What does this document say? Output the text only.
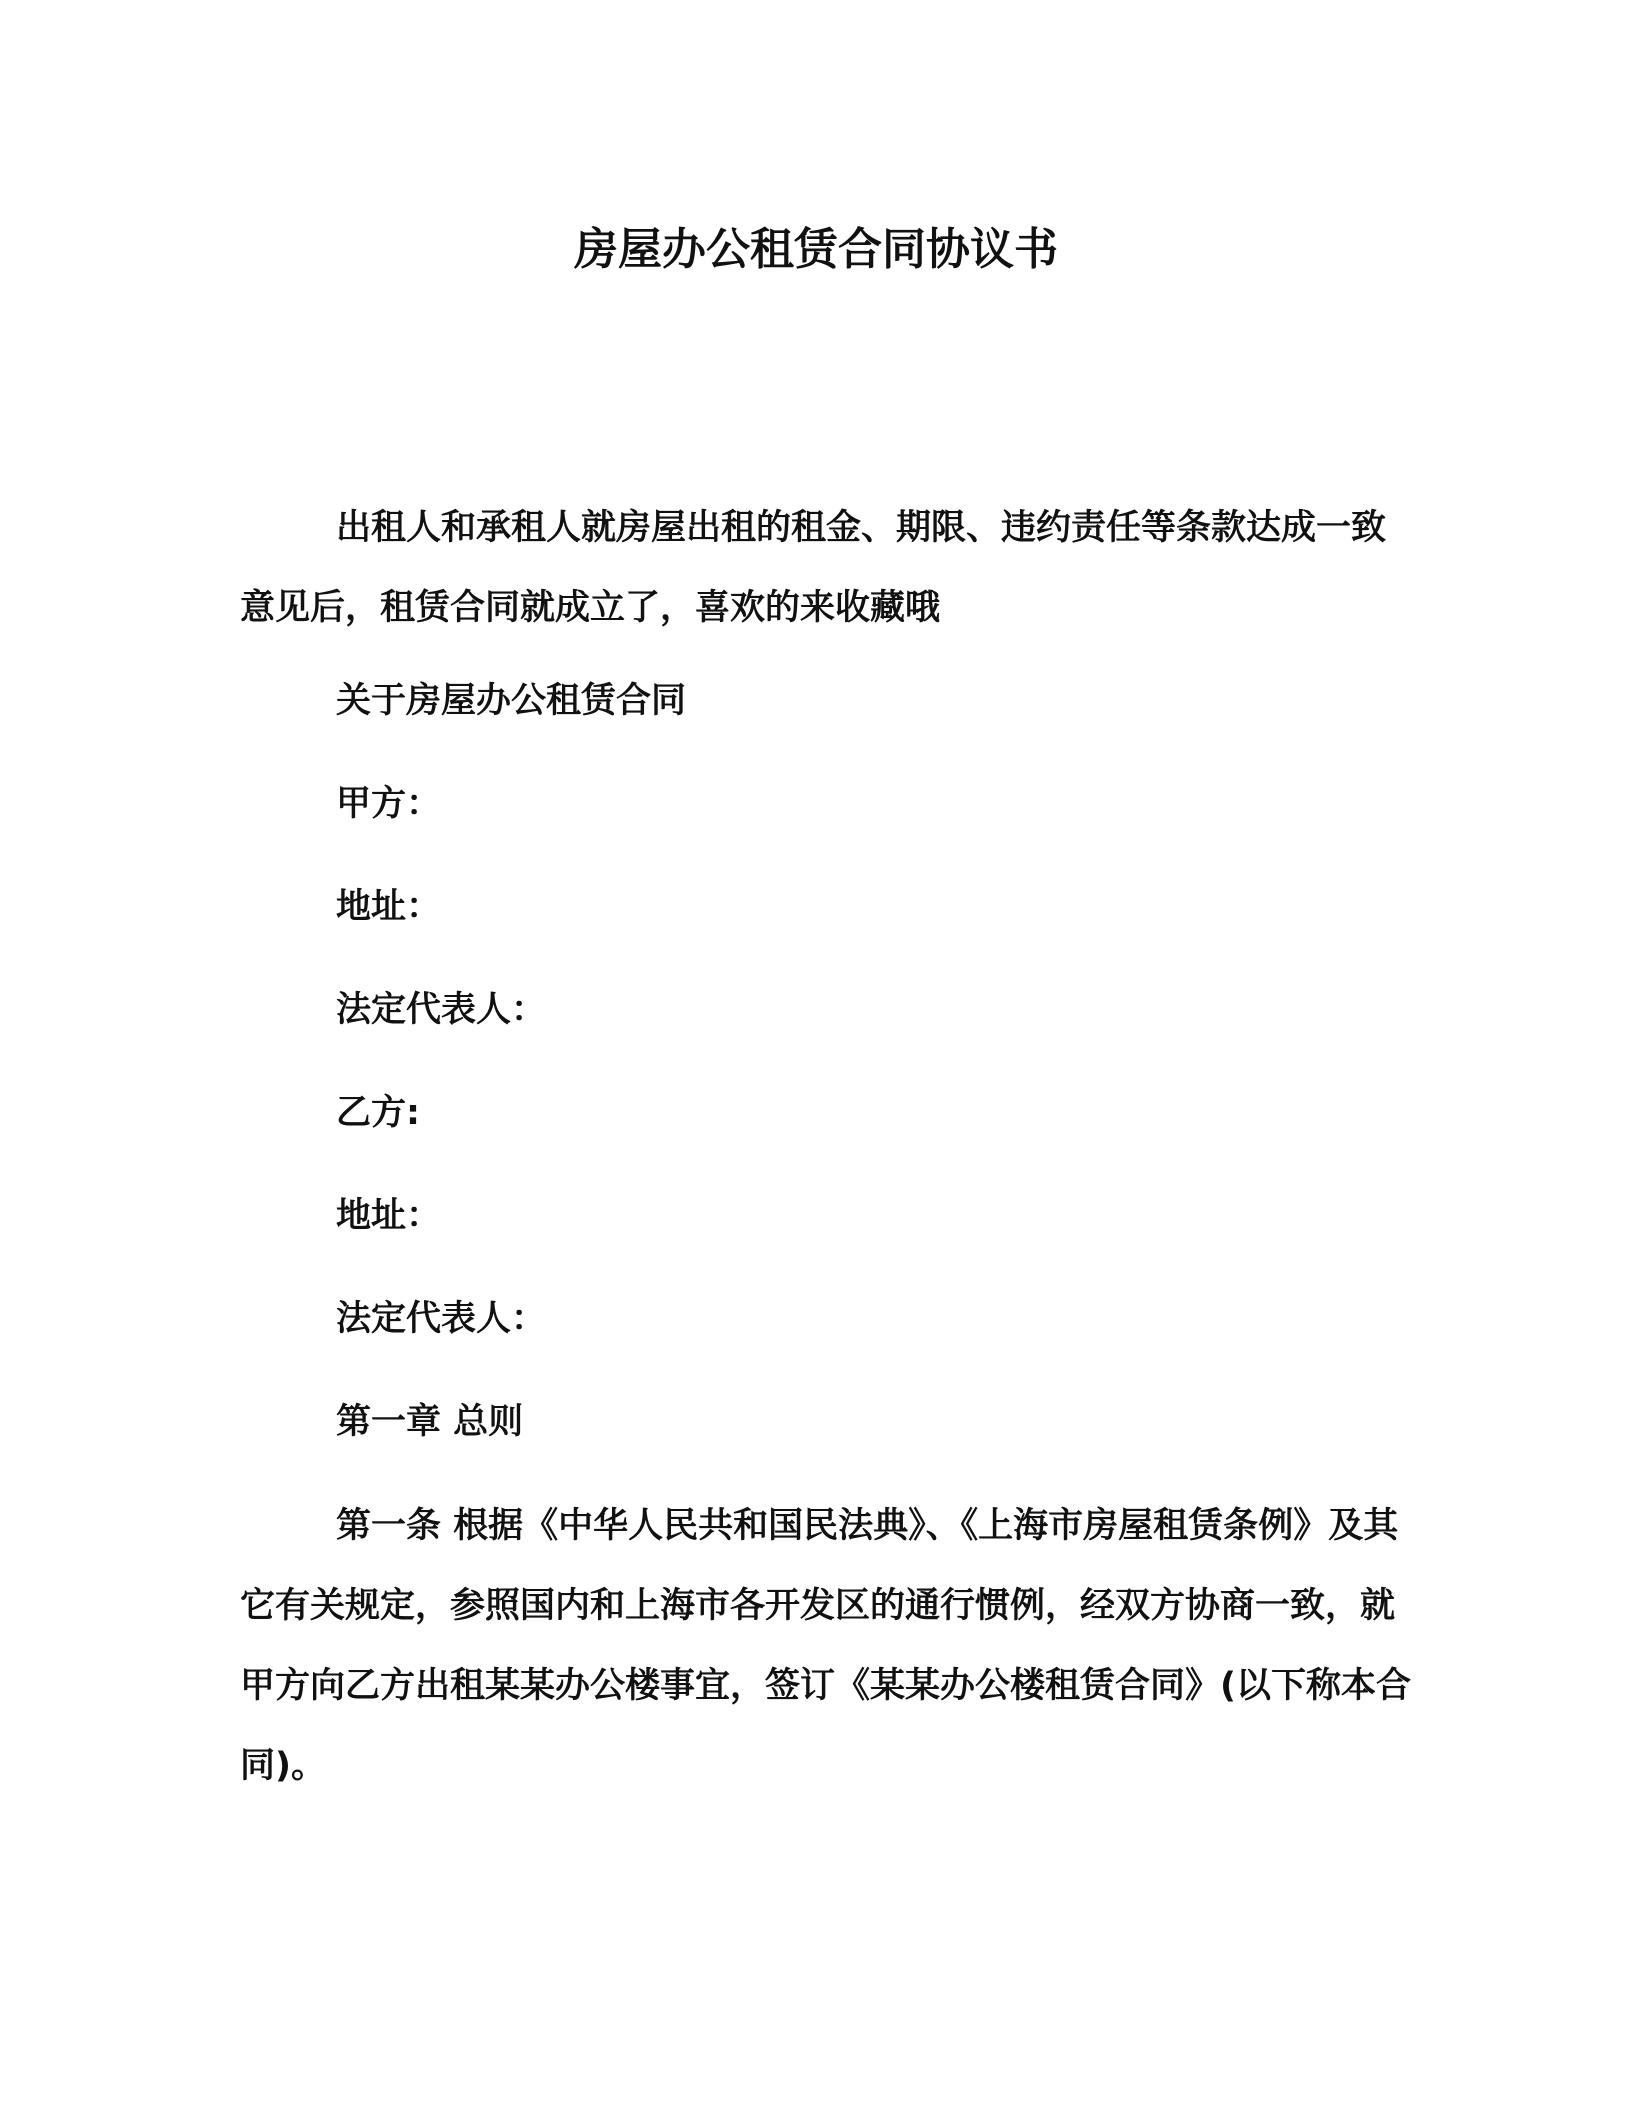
房屋办公租赁合同协议书

出租人和承租人就房屋出租的租金、期限、违约责任等条款达成一致意见后，租赁合同就成立了，喜欢的来收藏哦

关于房屋办公租赁合同
甲方：
地址：
法定代表人：
乙方:
地址：
法定代表人：
第一章 总则

第一条 根据《中华人民共和国民法典》、《上海市房屋租赁条例》及其它有关规定，参照国内和上海市各开发区的通行惯例，经双方协商一致，就甲方向乙方出租某某办公楼事宜，签订《某某办公楼租赁合同》(以下称本合同)。
